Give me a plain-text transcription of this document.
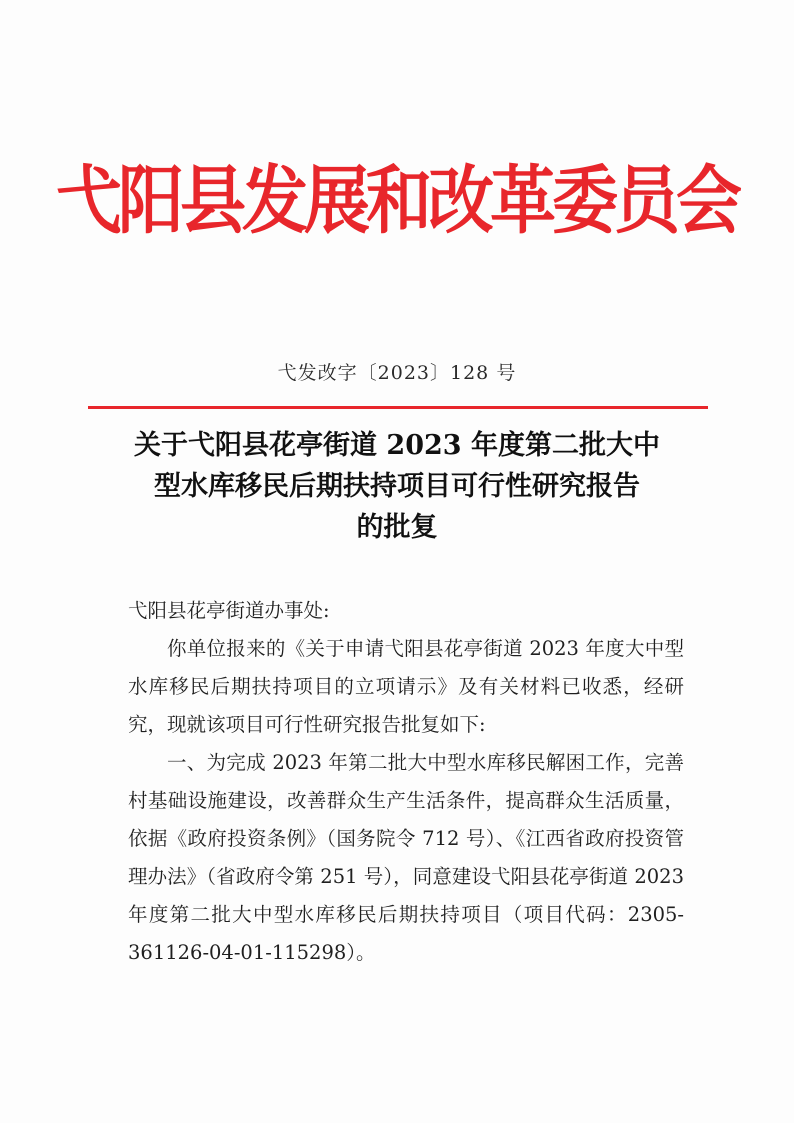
弋阳县发展和改革委员会
弋发改字〔2023〕128 号
关于弋阳县花亭街道 2023 年度第二批大中
型水库移民后期扶持项目可行性研究报告
的批复

弋阳县花亭街道办事处:

你单位报来的《关于申请弋阳县花亭街道 2023 年度大中型水库移民后期扶持项目的立项请示》及有关材料已收悉，经研究，现就该项目可行性研究报告批复如下:

一、为完成 2023 年第二批大中型水库移民解困工作，完善村基础设施建设，改善群众生产生活条件，提高群众生活质量，依据《政府投资条例》（国务院令 712 号）、《江西省政府投资管理办法》（省政府令第 251 号），同意建设弋阳县花亭街道 2023 年度第二批大中型水库移民后期扶持项目（项目代码：2305-361126-04-01-115298）。
